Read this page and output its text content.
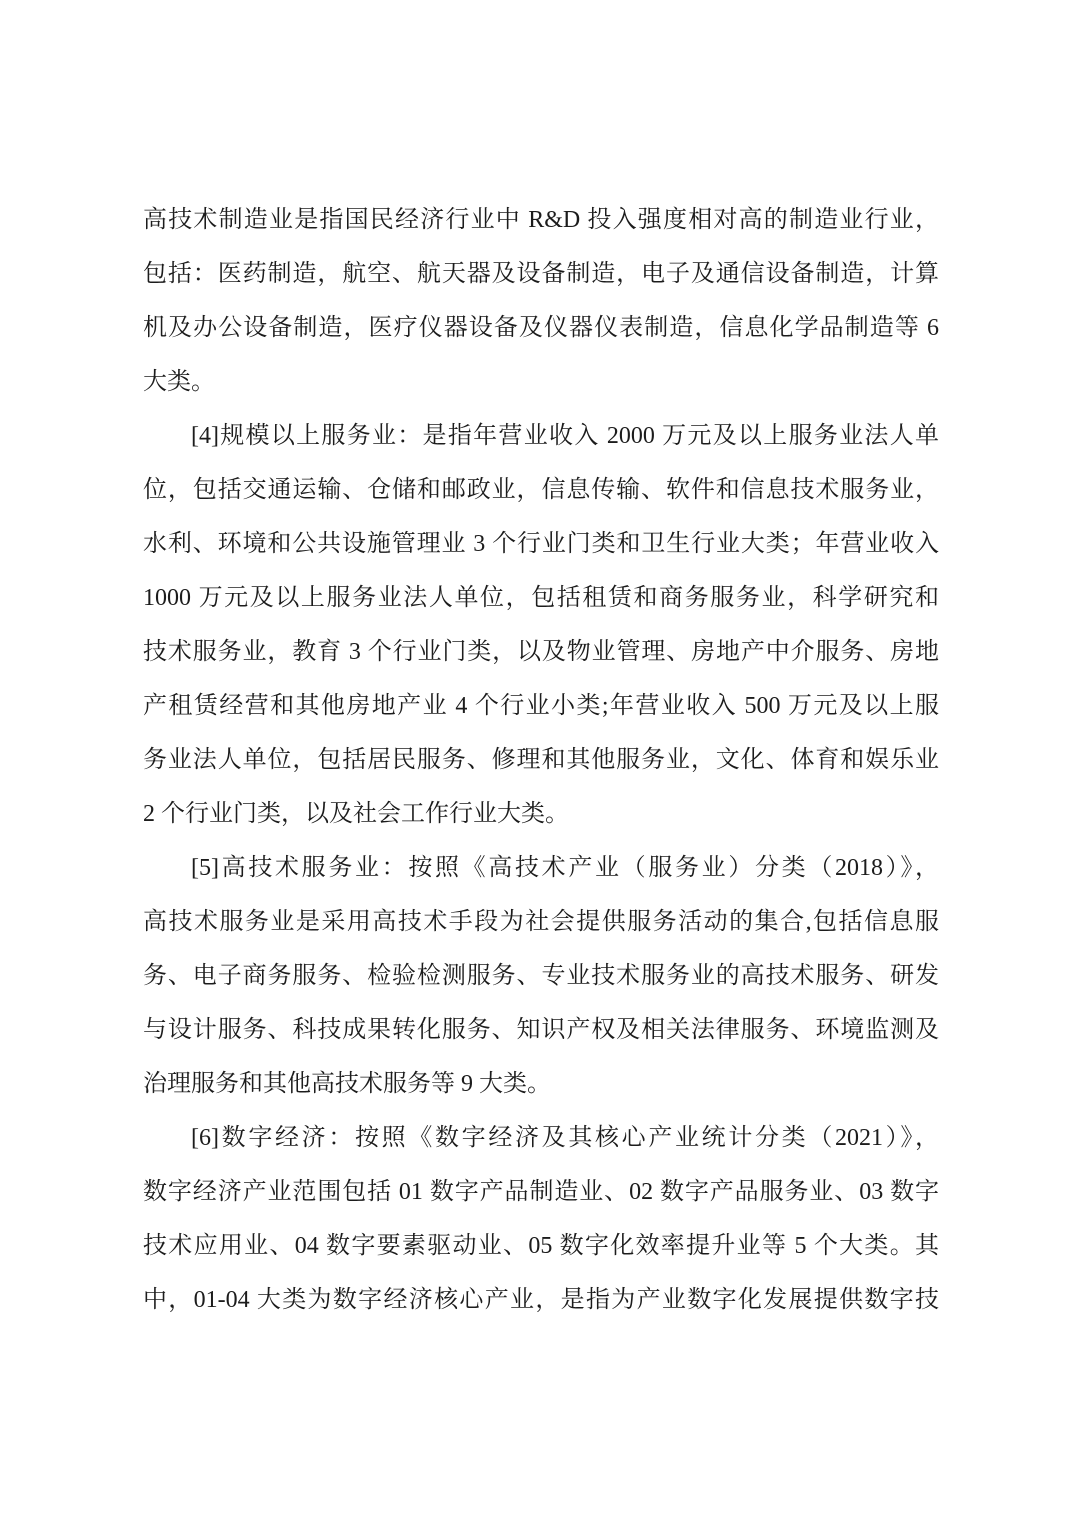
高技术制造业是指国民经济行业中 R&D 投入强度相对高的制造业行业，
包括：医药制造，航空、航天器及设备制造，电子及通信设备制造，计算
机及办公设备制造，医疗仪器设备及仪器仪表制造，信息化学品制造等 6
大类。
[4]规模以上服务业：是指年营业收入 2000 万元及以上服务业法人单
位，包括交通运输、仓储和邮政业，信息传输、软件和信息技术服务业，
水利、环境和公共设施管理业 3 个行业门类和卫生行业大类；年营业收入
1000 万元及以上服务业法人单位，包括租赁和商务服务业，科学研究和
技术服务业，教育 3 个行业门类，以及物业管理、房地产中介服务、房地
产租赁经营和其他房地产业 4 个行业小类;年营业收入 500 万元及以上服
务业法人单位，包括居民服务、修理和其他服务业，文化、体育和娱乐业
2 个行业门类，以及社会工作行业大类。
[5]高技术服务业：按照《高技术产业（服务业）分类（2018）》，
高技术服务业是采用高技术手段为社会提供服务活动的集合,包括信息服
务、电子商务服务、检验检测服务、专业技术服务业的高技术服务、研发
与设计服务、科技成果转化服务、知识产权及相关法律服务、环境监测及
治理服务和其他高技术服务等 9 大类。
[6]数字经济：按照《数字经济及其核心产业统计分类（2021）》，
数字经济产业范围包括 01 数字产品制造业、02 数字产品服务业、03 数字
技术应用业、04 数字要素驱动业、05 数字化效率提升业等 5 个大类。其
中，01-04 大类为数字经济核心产业，是指为产业数字化发展提供数字技
